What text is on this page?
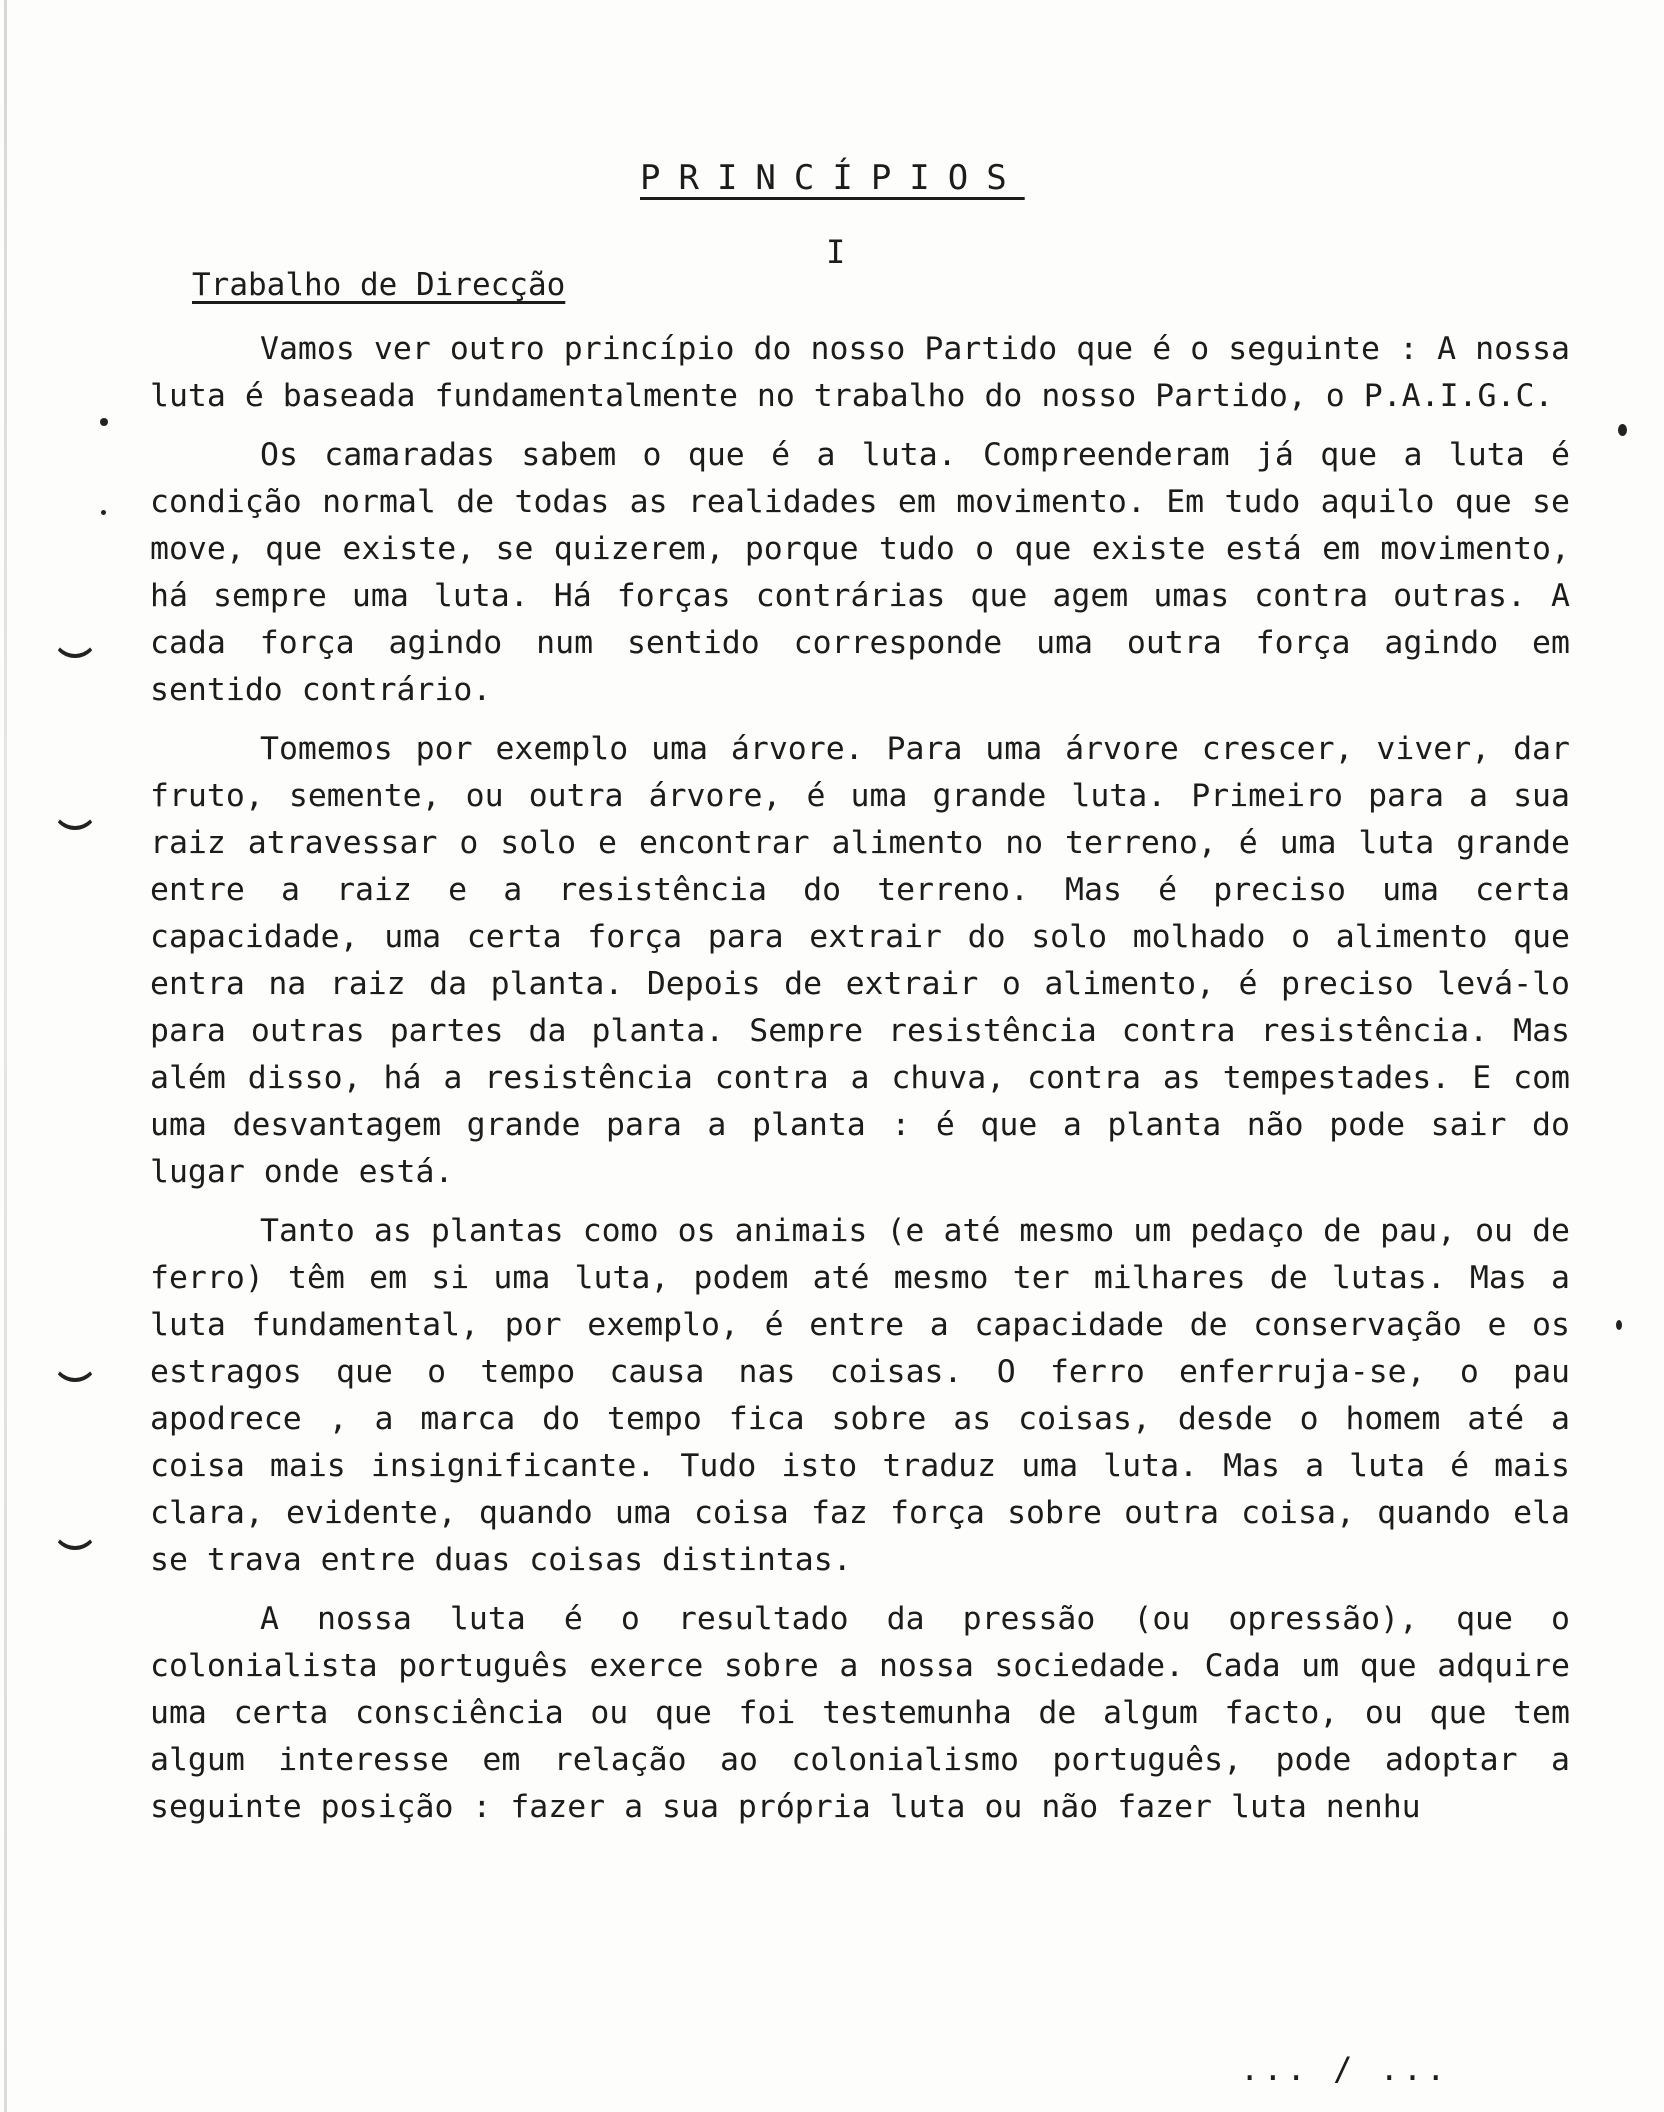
PRINCÍPIOS
I
Trabalho de Direcção

Vamos ver outro princípio do nosso Partido que é o seguinte : A nossa luta é baseada fundamentalmente no trabalho do nosso Partido, o P.A.I.G.C.

Os camaradas sabem o que é a luta. Compreenderam já que a luta é condição normal de todas as realidades em movimento. Em tudo aquilo que se move, que existe, se quizerem, porque tudo o que existe está em movimento, há sempre uma luta. Há forças contrárias que agem umas contra outras. A cada força agindo num sentido corresponde uma outra força agindo em sentido contrário.

Tomemos por exemplo uma árvore. Para uma árvore crescer, viver, dar fruto, semente, ou outra árvore, é uma grande luta. Primeiro para a sua raiz atravessar o solo e encontrar alimento no terreno, é uma luta grande entre a raiz e a resistência do terreno. Mas é preciso uma certa capacidade, uma certa força para extrair do solo molhado o alimento que entra na raiz da planta. Depois de extrair o alimento, é preciso levá-lo para outras partes da planta. Sempre resistência contra resistência. Mas além disso, há a resistência contra a chuva, contra as tempestades. E com uma desvantagem grande para a planta : é que a planta não pode sair do lugar onde está.

Tanto as plantas como os animais (e até mesmo um pedaço de pau, ou de ferro) têm em si uma luta, podem até mesmo ter milhares de lutas. Mas a luta fundamental, por exemplo, é entre a capacidade de conservação e os estragos que o tempo causa nas coisas. O ferro enferruja-se, o pau apodrece , a marca do tempo fica sobre as coisas, desde o homem até a coisa mais insignificante. Tudo isto traduz uma luta. Mas a luta é mais clara, evidente, quando uma coisa faz força sobre outra coisa, quando ela se trava entre duas coisas distintas.

A nossa luta é o resultado da pressão (ou opressão), que o colonialista português exerce sobre a nossa sociedade. Cada um que adquire uma certa consciência ou que foi testemunha de algum facto, ou que tem algum interesse em relação ao colonialismo português, pode adoptar a seguinte posição : fazer a sua própria luta ou não fazer luta nenhu

... / ...
